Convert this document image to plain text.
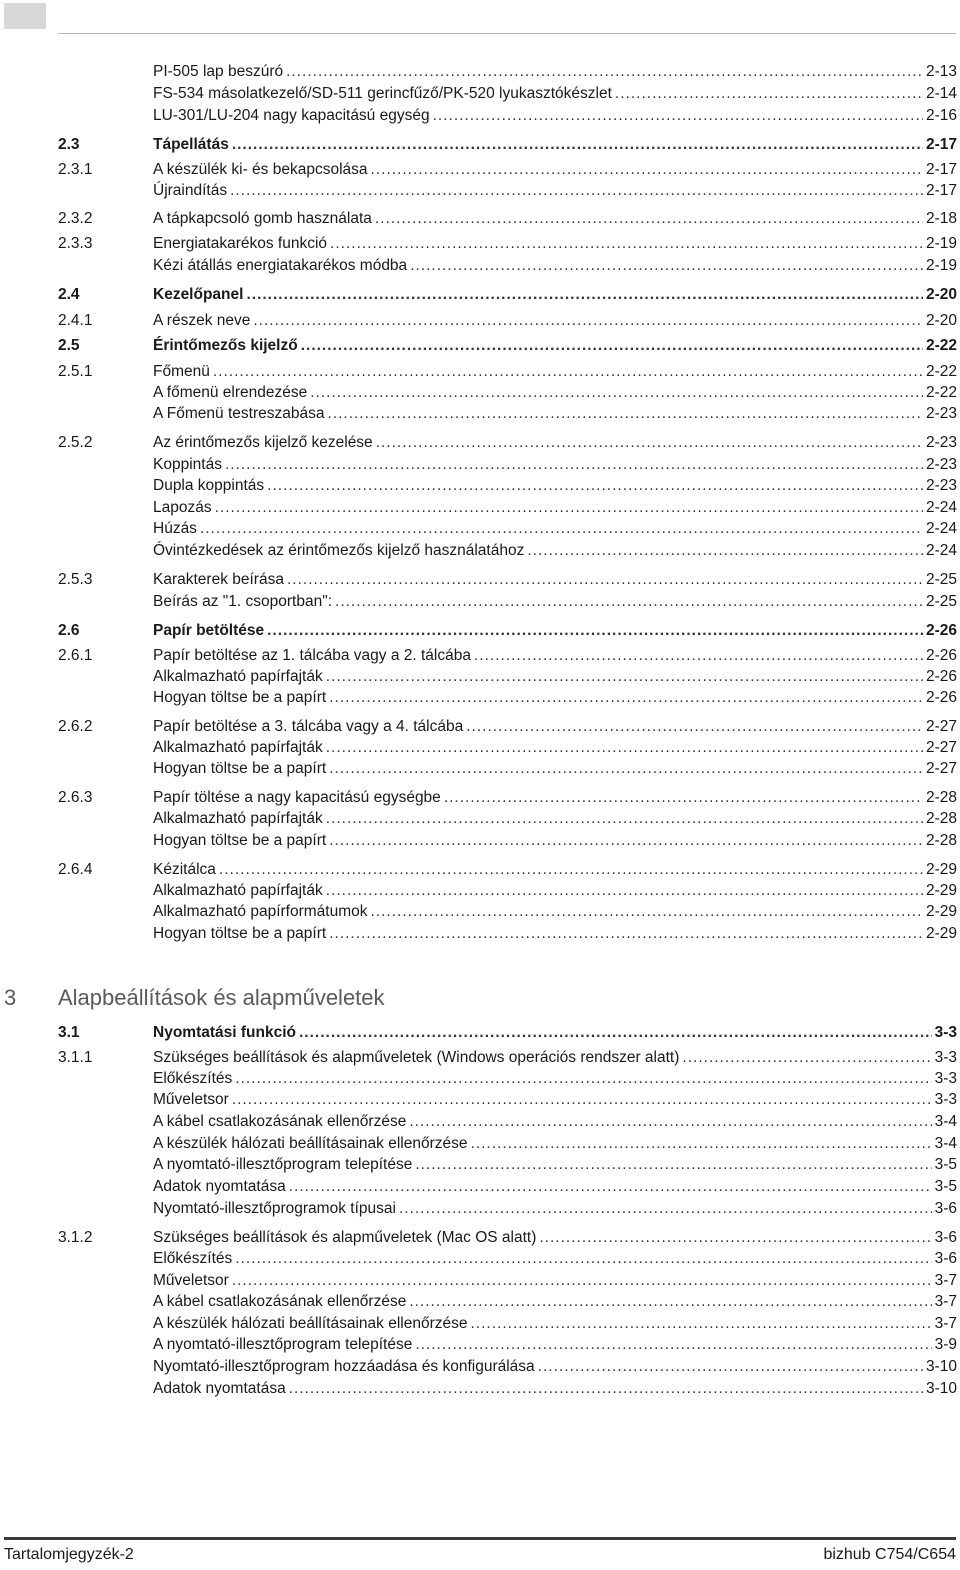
PI-505 lap beszúró .....	2-13
FS-534 másolatkezelő/SD-511 gerincfűző/PK-520 lyukasztókészlet .....	2-14
LU-301/LU-204 nagy kapacitású egység .....	2-16
2.3	Tápellátás .....	2-17
2.3.1	A készülék ki- és bekapcsolása .....	2-17
Újraindítás .....	2-17
2.3.2	A tápkapcsoló gomb használata .....	2-18
2.3.3	Energiatakarékos funkció .....	2-19
Kézi átállás energiatakarékos módba .....	2-19
2.4	Kezelőpanel .....	2-20
2.4.1	A részek neve .....	2-20
2.5	Érintőmezős kijelző .....	2-22
2.5.1	Főmenü .....	2-22
A főmenü elrendezése .....	2-22
A Főmenü testreszabása .....	2-23
2.5.2	Az érintőmezős kijelző kezelése .....	2-23
Koppintás .....	2-23
Dupla koppintás .....	2-23
Lapozás .....	2-24
Húzás .....	2-24
Óvintézkedések az érintőmezős kijelző használatához .....	2-24
2.5.3	Karakterek beírása .....	2-25
Beírás az "1. csoportban": .....	2-25
2.6	Papír betöltése .....	2-26
2.6.1	Papír betöltése az 1. tálcába vagy a 2. tálcába .....	2-26
Alkalmazható papírfajták .....	2-26
Hogyan töltse be a papírt .....	2-26
2.6.2	Papír betöltése a 3. tálcába vagy a 4. tálcába .....	2-27
Alkalmazható papírfajták .....	2-27
Hogyan töltse be a papírt .....	2-27
2.6.3	Papír töltése a nagy kapacitású egységbe .....	2-28
Alkalmazható papírfajták .....	2-28
Hogyan töltse be a papírt .....	2-28
2.6.4	Kézitálca .....	2-29
Alkalmazható papírfajták .....	2-29
Alkalmazható papírformátumok .....	2-29
Hogyan töltse be a papírt .....	2-29
3.1	Nyomtatási funkció .....	3-3
3.1.1	Szükséges beállítások és alapműveletek (Windows operációs rendszer alatt) .....	3-3
Előkészítés .....	3-3
Műveletsor .....	3-3
A kábel csatlakozásának ellenőrzése .....	3-4
A készülék hálózati beállításainak ellenőrzése .....	3-4
A nyomtató-illesztőprogram telepítése .....	3-5
Adatok nyomtatása .....	3-5
Nyomtató-illesztőprogramok típusai .....	3-6
3.1.2	Szükséges beállítások és alapműveletek (Mac OS alatt) .....	3-6
Előkészítés .....	3-6
Műveletsor .....	3-7
A kábel csatlakozásának ellenőrzése .....	3-7
A készülék hálózati beállításainak ellenőrzése .....	3-7
A nyomtató-illesztőprogram telepítése .....	3-9
Nyomtató-illesztőprogram hozzáadása és konfigurálása .....	3-10
Adatok nyomtatása .....	3-10
3 Alapbeállítások és alapműveletek
Tartalomjegyzék-2	bizhub C754/C654
